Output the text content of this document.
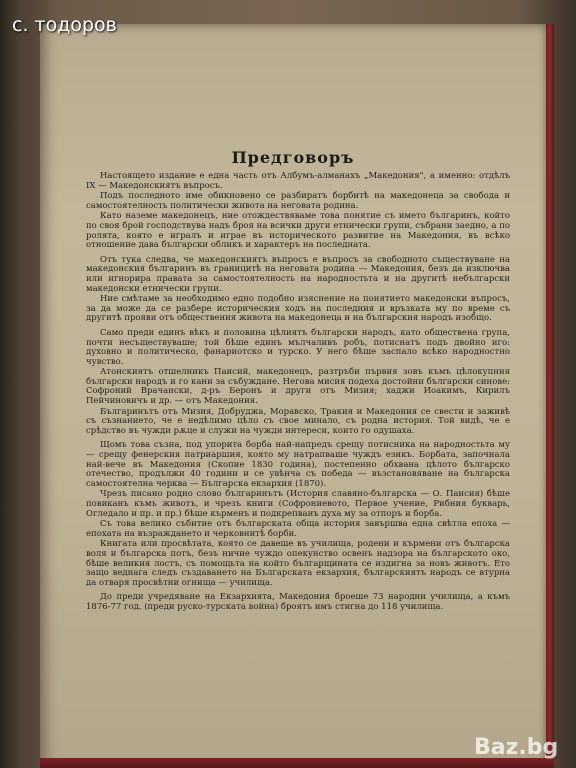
с. тодоров
Предговоръ

Настоящето издание е една часть отъ Албумъ-алманахъ „Македония", а именно: отдѣлъ IX — Македонскиятъ въпросъ.

Подъ последното име обикновено се разбиратъ борбитѣ на македонеца за свобода и самостоятелность политически живота на неговата родина.

Като наземе македонецъ, ние отождествяваме това понятие съ името българинъ, който по своя брой господствува надъ броя на всички други етнически групи, събрани заедно, а по ролята, която е игралъ и играе въ историческото развитие на Македония, въ всѣко отношение дава български обликъ и характеръ на последната.

Отъ тука следва, че македонскиятъ въпросъ е въпросъ за свободното съществуване на македонския българинъ въ границитѣ на неговата родина — Македония, безъ да изключва или игнорира правата за самостоятелность на народностьта и на другитѣ небългарски македонски етнически групи.

Ние смѣтаме за необходимо едно подобно изяснение на понятието македонски въпросъ, за да може да се разбере историческия ходъ на последния и връзката му по време съ другитѣ прояви отъ обществения живота на македонеца и на българския народъ изобщо.

Само преди единъ вѣкъ и половина цѣлиятъ български народъ, като обществена група, почти несъществуваше; той бѣше единъ мълчаливъ робъ, потиснатъ подъ двойно иго: духовно и политическо, фанариотско и турско. У него бѣше заспало всѣко народностно чувство.

Атонскиятъ отшелникъ Паисий, македонецъ, разтръби първия зовъ къмъ цѣлокупния български народъ и го кани за събуждане. Негова мисия подехa достойни български синове: Софроний Врачански, д-ръ Беронъ и други отъ Мизия; хаджи Иоакимъ, Кирилъ Пейчиновичъ и др. — отъ Македония.

Българинътъ отъ Мизия, Добруджа, Моравско, Тракия и Македония се свести и заживѣ съ съзнанието, че е недѣлимо цѣло съ свое минало, съ родна история. Той видѣ, че е срѣдство въ чужди рѫце и служи на чужди интереси, които го одушаха.

Щомъ това съзна, под упорита борба най-напредъ срещу потисника на народностьта му — срещу фенерския патриаршия, която му натрапваше чуждъ езикъ. Борбата, започнала най-вече въ Македония (Скопие 1830 година), постепенно обхвана цѣлото българско отечество, продължи 40 години и се увѣнча съ победа — възстановяване на българска самостоятелна черква — Българска екзархия (1870).

Чрезъ писано родно слово българинътъ (История славяно-българска — О. Паисия) бѣше повиканъ къмъ животъ, и чрезъ книги (Софрониевото, Первое учение, Рибния букварь, Огледало и пр. и пр.) бѣше кърменъ и подкрепванъ духа му за отпоръ и борба.

Съ това велико събитие отъ българската обща история завършва една свѣтла епоха — епохата на възраждането и черковнитѣ борби.

Книгата или просвѣтата, която се давеше въ училища, родени и кърмени отъ българска воля и българска потъ, безъ ничие чуждо опекунство освенъ надзора на българското око, бѣше великия лостъ, съ помощьта на който българщината се издигна за новъ животъ. Ето защо веднага следъ създаването на Българската екзархия, българскиятъ народъ се втурна да отваря просвѣтни огнища — училища.

До преди учредяване на Екзархията, Македония броеше 73 народни училища, а къмъ 1876-77 год. (преди руско-турската война) броятъ имъ стигна до 118 училища.

Baz.bg
